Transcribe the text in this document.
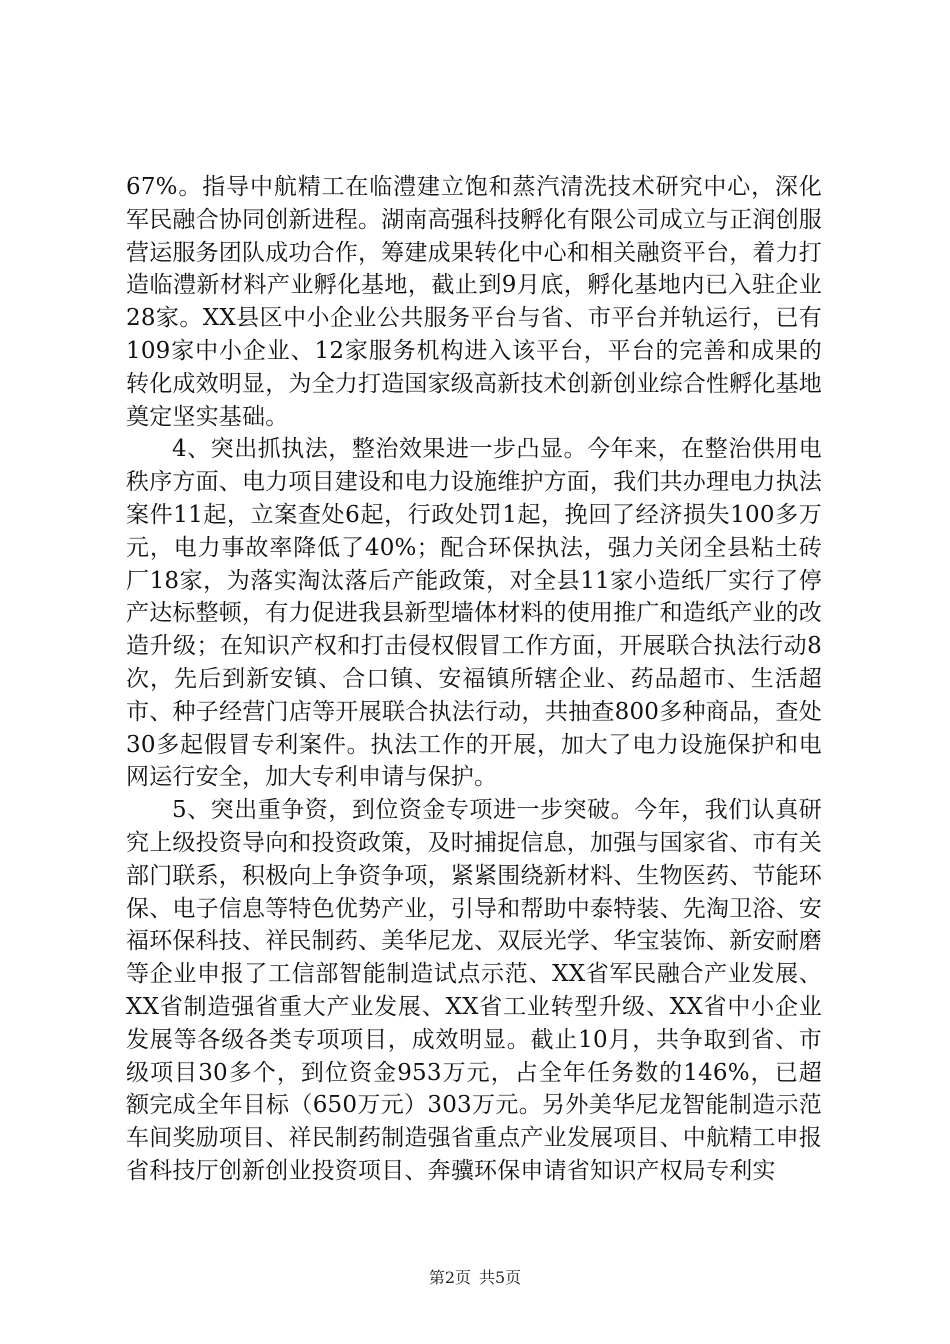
67%。指导中航精工在临澧建立饱和蒸汽清洗技术研究中心，深化军民融合协同创新进程。湖南高强科技孵化有限公司成立与正润创服营运服务团队成功合作，筹建成果转化中心和相关融资平台，着力打造临澧新材料产业孵化基地，截止到9月底，孵化基地内已入驻企业28家。XX县区中小企业公共服务平台与省、市平台并轨运行，已有109家中小企业、12家服务机构进入该平台，平台的完善和成果的转化成效明显，为全力打造国家级高新技术创新创业综合性孵化基地奠定坚实基础。

4、突出抓执法，整治效果进一步凸显。今年来，在整治供用电秩序方面、电力项目建设和电力设施维护方面，我们共办理电力执法案件11起，立案查处6起，行政处罚1起，挽回了经济损失100多万元，电力事故率降低了40%；配合环保执法，强力关闭全县粘土砖厂18家，为落实淘汰落后产能政策，对全县11家小造纸厂实行了停产达标整顿，有力促进我县新型墙体材料的使用推广和造纸产业的改造升级；在知识产权和打击侵权假冒工作方面，开展联合执法行动8次，先后到新安镇、合口镇、安福镇所辖企业、药品超市、生活超市、种子经营门店等开展联合执法行动，共抽查800多种商品，查处30多起假冒专利案件。执法工作的开展，加大了电力设施保护和电网运行安全，加大专利申请与保护。

5、突出重争资，到位资金专项进一步突破。今年，我们认真研究上级投资导向和投资政策，及时捕捉信息，加强与国家省、市有关部门联系，积极向上争资争项，紧紧围绕新材料、生物医药、节能环保、电子信息等特色优势产业，引导和帮助中泰特装、先淘卫浴、安福环保科技、祥民制药、美华尼龙、双辰光学、华宝装饰、新安耐磨等企业申报了工信部智能制造试点示范、XX省军民融合产业发展、XX省制造强省重大产业发展、XX省工业转型升级、XX省中小企业发展等各级各类专项项目，成效明显。截止10月，共争取到省、市级项目30多个，到位资金953万元，占全年任务数的146%，已超额完成全年目标（650万元）303万元。另外美华尼龙智能制造示范车间奖励项目、祥民制药制造强省重点产业发展项目、中航精工申报省科技厅创新创业投资项目、奔骥环保申请省知识产权局专利实

第2页 共5页
